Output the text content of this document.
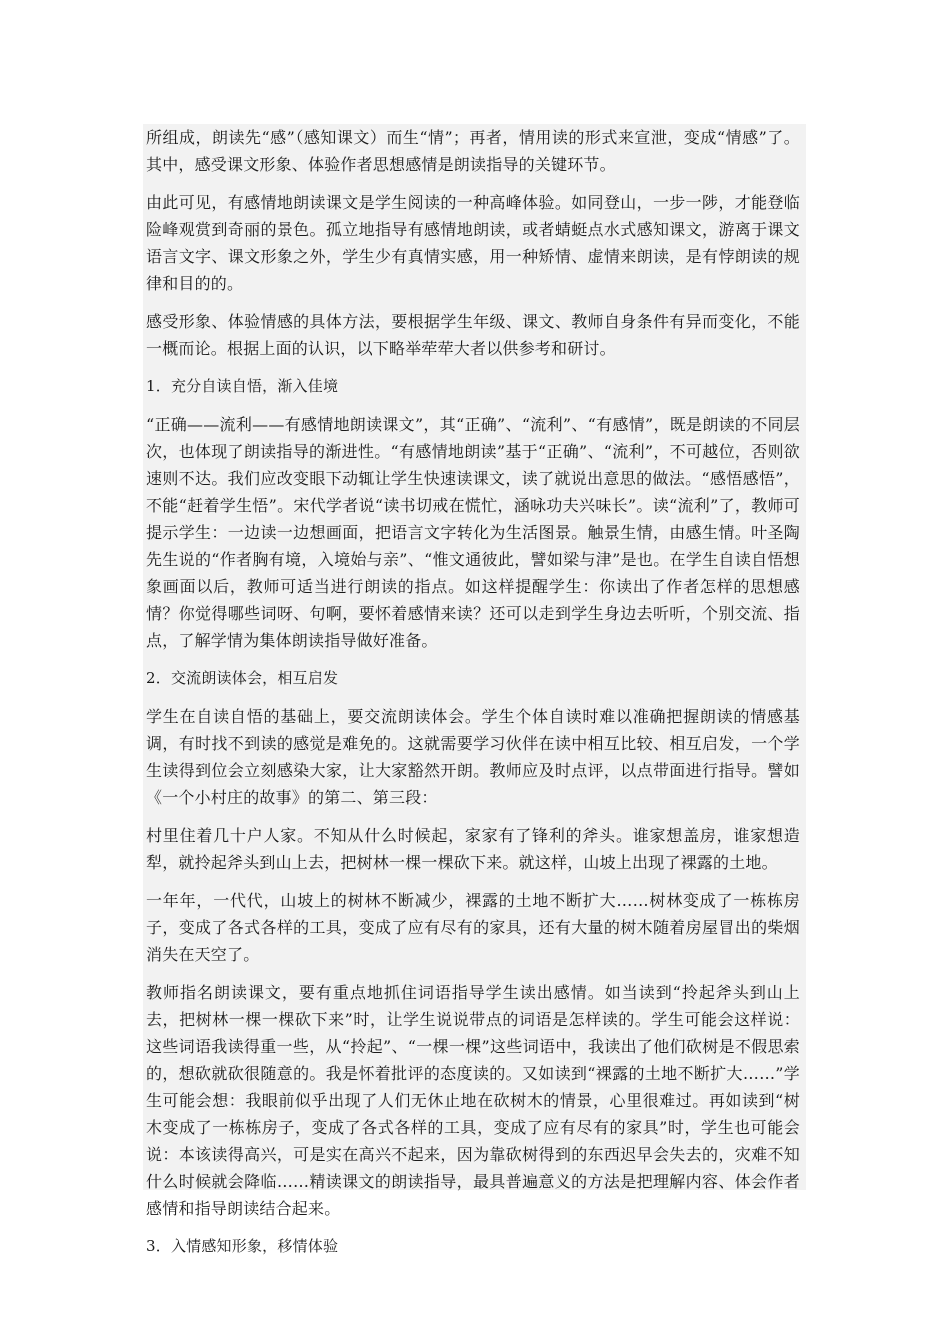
所组成，朗读先“感”（感知课文）而生“情”；再者，情用读的形式来宣泄，变成“情感”了。其中，感受课文形象、体验作者思想感情是朗读指导的关键环节。

由此可见，有感情地朗读课文是学生阅读的一种高峰体验。如同登山，一步一陟，才能登临险峰观赏到奇丽的景色。孤立地指导有感情地朗读，或者蜻蜓点水式感知课文，游离于课文语言文字、课文形象之外，学生少有真情实感，用一种矫情、虚情来朗读，是有悖朗读的规律和目的的。

感受形象、体验情感的具体方法，要根据学生年级、课文、教师自身条件有异而变化，不能一概而论。根据上面的认识，以下略举荦荦大者以供参考和研讨。

1．充分自读自悟，渐入佳境

“正确——流利——有感情地朗读课文”，其“正确”、“流利”、“有感情”，既是朗读的不同层次，也体现了朗读指导的渐进性。“有感情地朗读”基于“正确”、“流利”，不可越位，否则欲速则不达。我们应改变眼下动辄让学生快速读课文，读了就说出意思的做法。“感悟感悟”，不能“赶着学生悟”。宋代学者说“读书切戒在慌忙，涵咏功夫兴味长”。读“流利”了，教师可提示学生：一边读一边想画面，把语言文字转化为生活图景。触景生情，由感生情。叶圣陶先生说的“作者胸有境，入境始与亲”、“惟文通彼此，譬如梁与津”是也。在学生自读自悟想象画面以后，教师可适当进行朗读的指点。如这样提醒学生：你读出了作者怎样的思想感情？你觉得哪些词呀、句啊，要怀着感情来读？还可以走到学生身边去听听，个别交流、指点，了解学情为集体朗读指导做好准备。

2．交流朗读体会，相互启发

学生在自读自悟的基础上，要交流朗读体会。学生个体自读时难以准确把握朗读的情感基调，有时找不到读的感觉是难免的。这就需要学习伙伴在读中相互比较、相互启发，一个学生读得到位会立刻感染大家，让大家豁然开朗。教师应及时点评，以点带面进行指导。譬如《一个小村庄的故事》的第二、第三段：

村里住着几十户人家。不知从什么时候起，家家有了锋利的斧头。谁家想盖房，谁家想造犁，就拎起斧头到山上去，把树林一棵一棵砍下来。就这样，山坡上出现了裸露的土地。

一年年，一代代，山坡上的树林不断减少，裸露的土地不断扩大……树林变成了一栋栋房子，变成了各式各样的工具，变成了应有尽有的家具，还有大量的树木随着房屋冒出的柴烟消失在天空了。

教师指名朗读课文，要有重点地抓住词语指导学生读出感情。如当读到“拎起斧头到山上去，把树林一棵一棵砍下来”时，让学生说说带点的词语是怎样读的。学生可能会这样说：这些词语我读得重一些，从“拎起”、“一棵一棵”这些词语中，我读出了他们砍树是不假思索的，想砍就砍很随意的。我是怀着批评的态度读的。又如读到“裸露的土地不断扩大……”学生可能会想：我眼前似乎出现了人们无休止地在砍树木的情景，心里很难过。再如读到“树木变成了一栋栋房子，变成了各式各样的工具，变成了应有尽有的家具”时，学生也可能会说：本该读得高兴，可是实在高兴不起来，因为靠砍树得到的东西迟早会失去的，灾难不知什么时候就会降临……精读课文的朗读指导，最具普遍意义的方法是把理解内容、体会作者感情和指导朗读结合起来。

3．入情感知形象，移情体验
